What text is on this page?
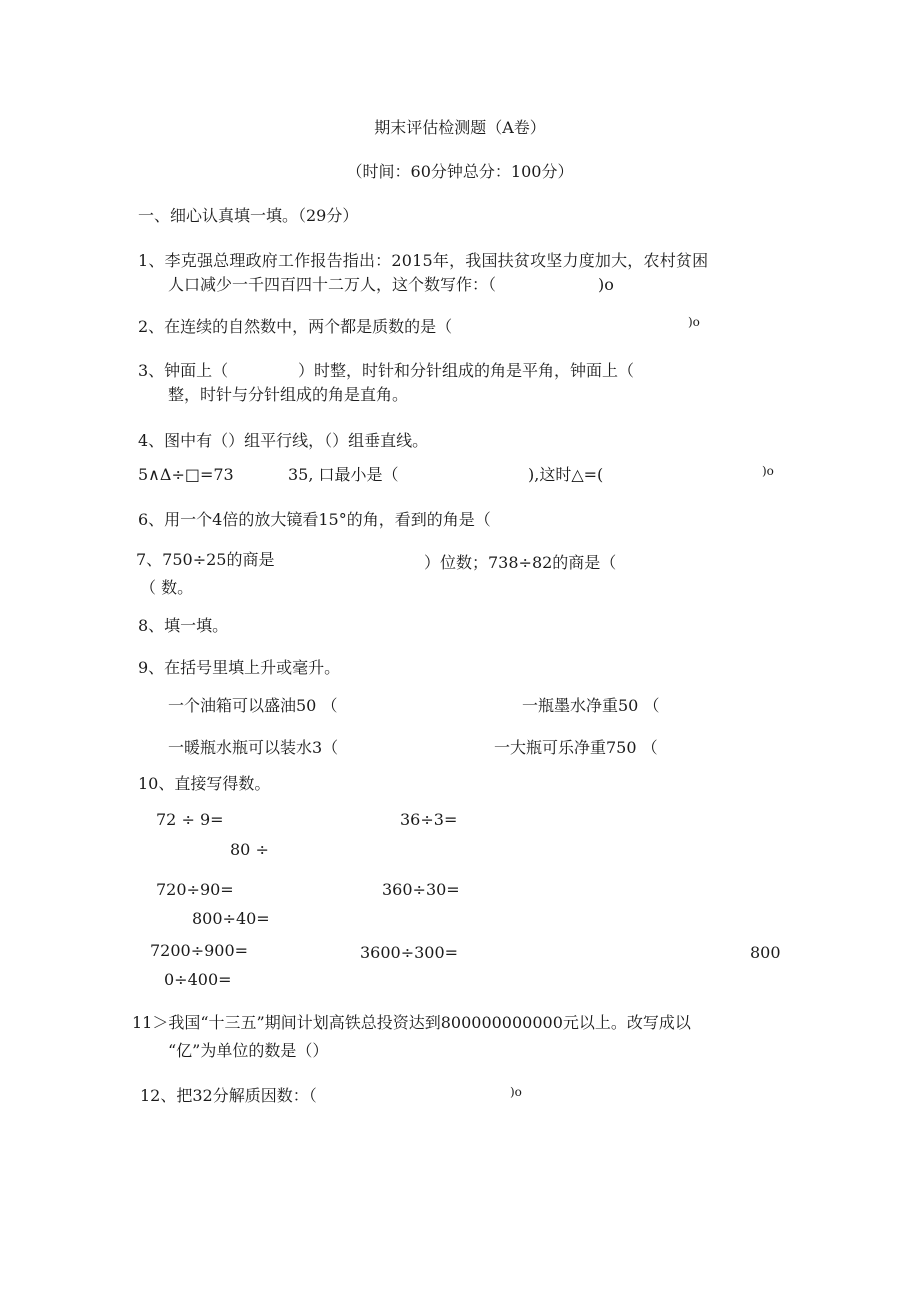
期末评估检测题（A卷）
（时间：60分钟总分：100分）
一、细心认真填一填。（29分）
1、李克强总理政府工作报告指出：2015年，我国扶贫攻坚力度加大，农村贫困
人口减少一千四百四十二万人，这个数写作：（	)o
2、在连续的自然数中，两个都是质数的是（	)o
3、钟面上（	）时整，时针和分针组成的角是平角，钟面上（
整，时针与分针组成的角是直角。
4、图中有（）组平行线，（）组垂直线。
5∧Δ÷□=73	35, 口最小是（	),这时△=(	)o
6、用一个4倍的放大镜看15°的角，看到的角是（
7、750÷25的商是	）位数；738÷82的商是（
（ 数。
8、填一填。
9、在括号里填上升或毫升。
一个油箱可以盛油50 （	一瓶墨水净重50 （
一暖瓶水瓶可以装水3（	一大瓶可乐净重750 （
10、直接写得数。
72 ÷ 9=	36÷3=
80 ÷
720÷90=	360÷30=
800÷40=
7200÷900=	3600÷300=	800
0÷400=
11＞我国“十三五”期间计划高铁总投资达到800000000000元以上。改写成以
“亿”为单位的数是（）
12、把32分解质因数：（	)o
